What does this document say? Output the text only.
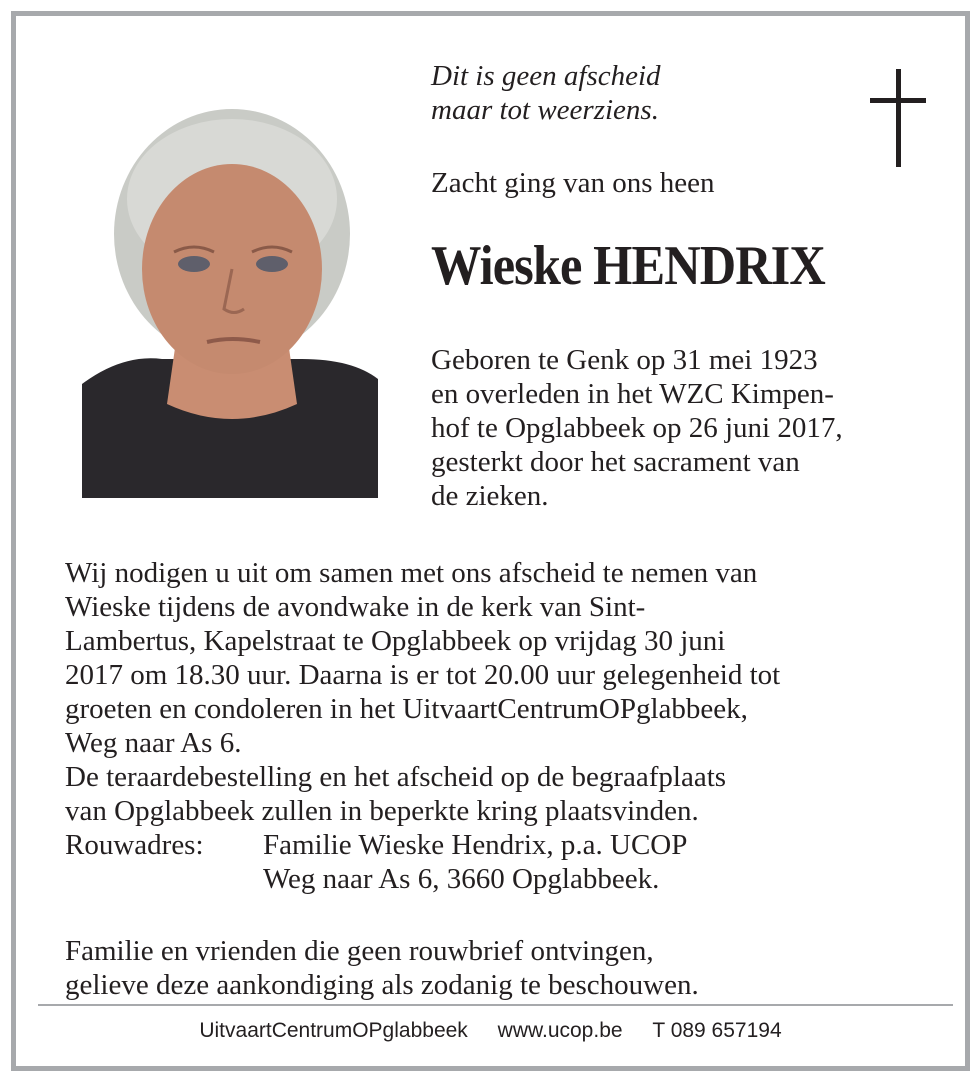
Dit is geen afscheid
maar tot weerziens.
Zacht ging van ons heen
Wieske HENDRIX
Geboren te Genk op 31 mei 1923
en overleden in het WZC Kimpen-
hof te Opglabbeek op 26 juni 2017,
gesterkt door het sacrament van
de zieken.
Wij nodigen u uit om samen met ons afscheid te nemen van
Wieske tijdens de avondwake in de kerk van Sint-
Lambertus, Kapelstraat te Opglabbeek op vrijdag 30 juni
2017 om 18.30 uur. Daarna is er tot 20.00 uur gelegenheid tot
groeten en condoleren in het UitvaartCentrumOPglabbeek,
Weg naar As 6.
De teraardebestelling en het afscheid op de begraafplaats
van Opglabbeek zullen in beperkte kring plaatsvinden.
Rouwadres:	Familie Wieske Hendrix, p.a. UCOP
Weg naar As 6, 3660 Opglabbeek.
Familie en vrienden die geen rouwbrief ontvingen,
gelieve deze aankondiging als zodanig te beschouwen.
UitvaartCentrumOPglabbeek www.ucop.be T 089 657194
